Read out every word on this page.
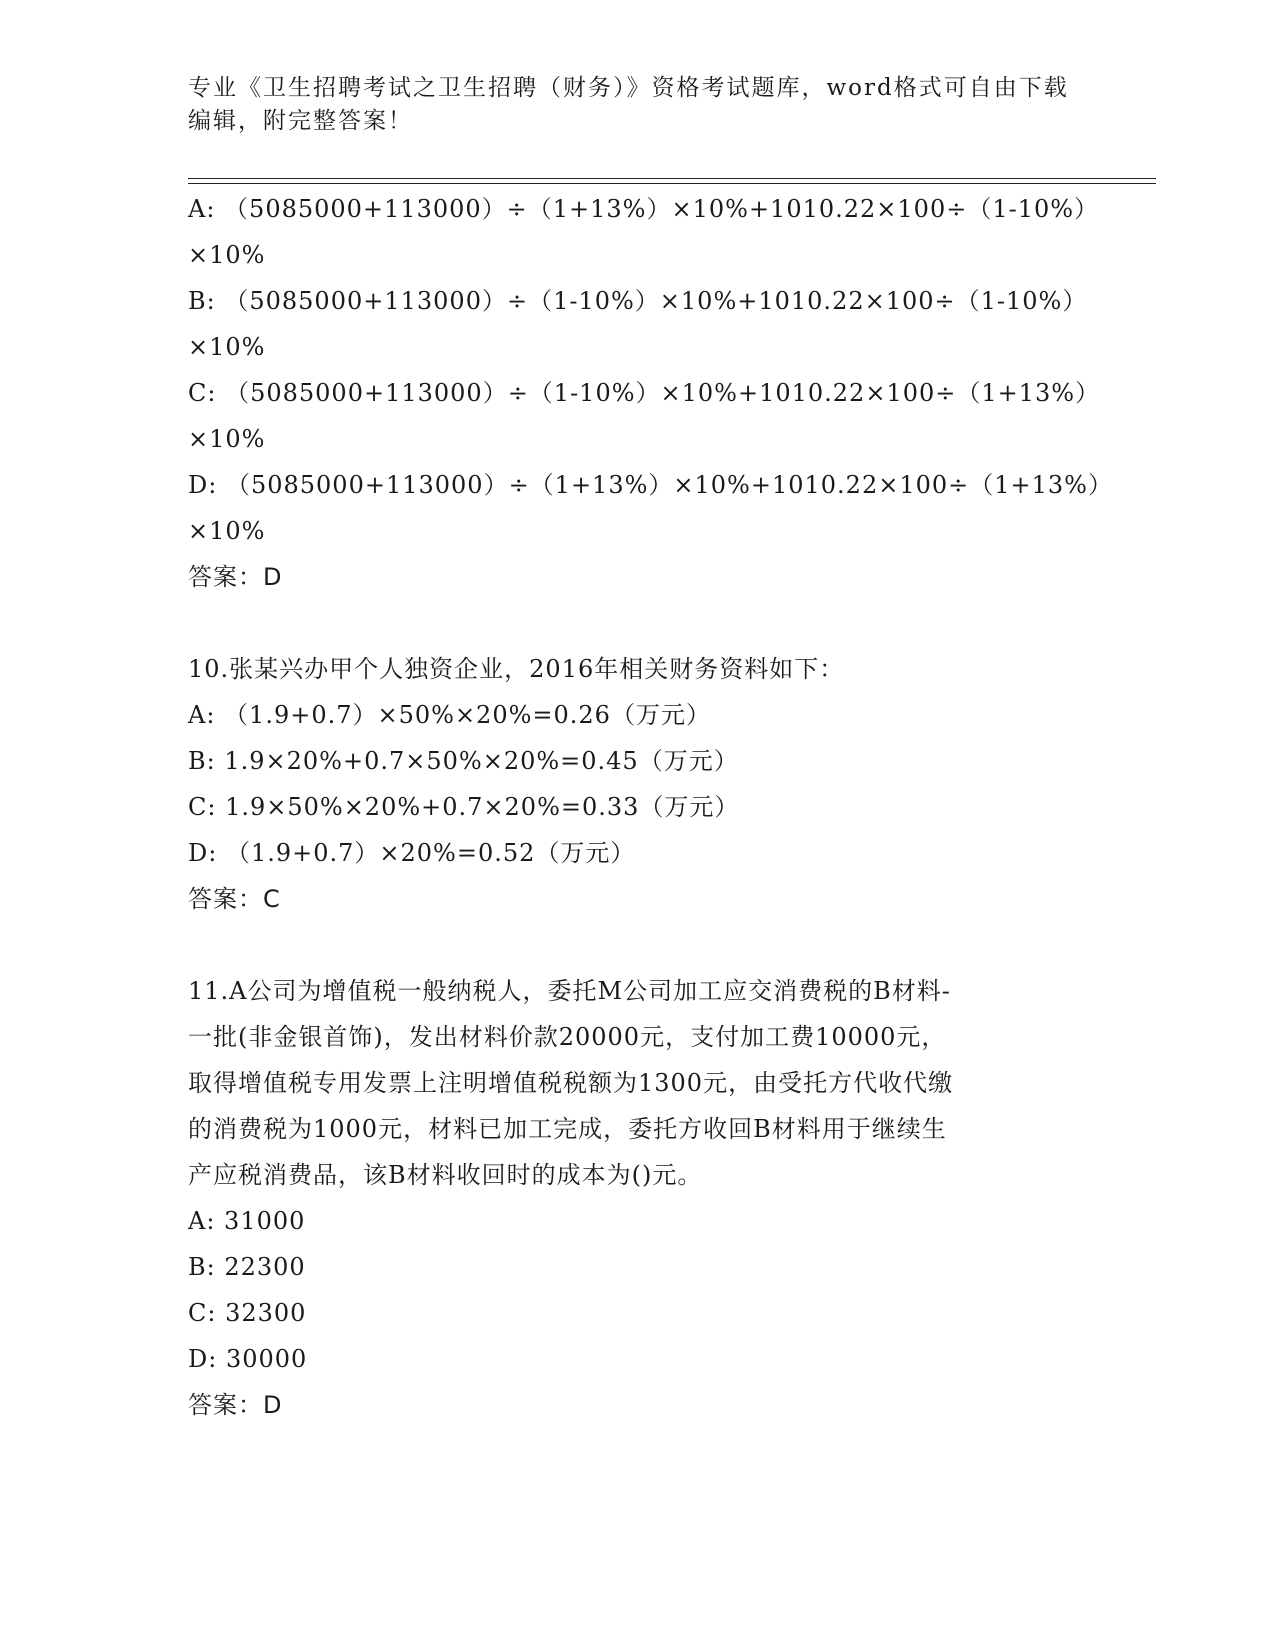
专业《卫生招聘考试之卫生招聘（财务）》资格考试题库，word格式可自由下载
编辑，附完整答案！
A: （5085000+113000）÷（1+13%）×10%+1010.22×100÷（1-10%）
×10%
B: （5085000+113000）÷（1-10%）×10%+1010.22×100÷（1-10%）
×10%
C: （5085000+113000）÷（1-10%）×10%+1010.22×100÷（1+13%）
×10%
D: （5085000+113000）÷（1+13%）×10%+1010.22×100÷（1+13%）
×10%
答案：D
10.张某兴办甲个人独资企业，2016年相关财务资料如下：
A: （1.9+0.7）×50%×20%=0.26（万元）
B: 1.9×20%+0.7×50%×20%=0.45（万元）
C: 1.9×50%×20%+0.7×20%=0.33（万元）
D: （1.9+0.7）×20%=0.52（万元）
答案：C
11.A公司为增值税一般纳税人，委托M公司加工应交消费税的B材料-
一批(非金银首饰)，发出材料价款20000元，支付加工费10000元，
取得增值税专用发票上注明增值税税额为1300元，由受托方代收代缴
的消费税为1000元，材料已加工完成，委托方收回B材料用于继续生
产应税消费品，该B材料收回时的成本为()元。
A: 31000
B: 22300
C: 32300
D: 30000
答案：D
